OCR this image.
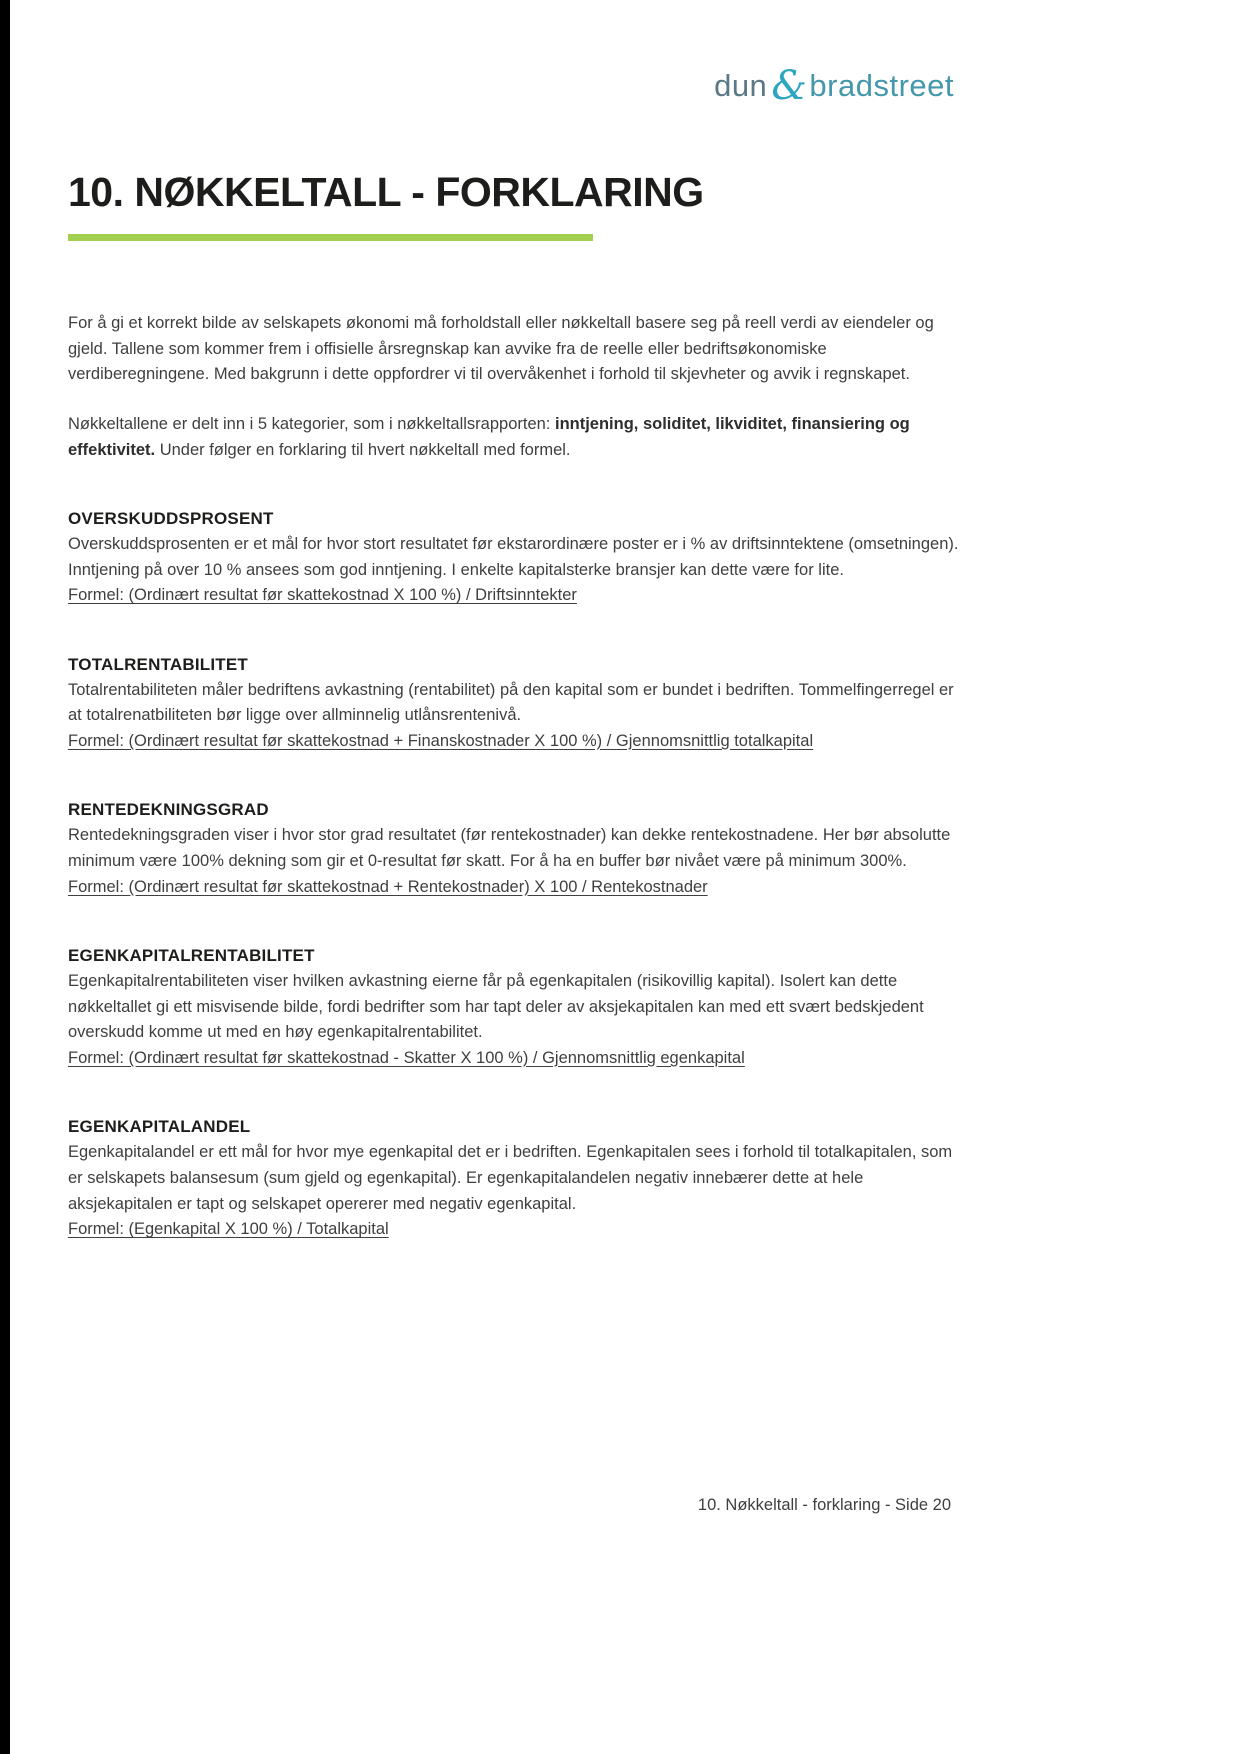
dun &bradstreet
10. NØKKELTALL - FORKLARING

For å gi et korrekt bilde av selskapets økonomi må forholdstall eller nøkkeltall basere seg på reell verdi av eiendeler og gjeld. Tallene som kommer frem i offisielle årsregnskap kan avvike fra de reelle eller bedriftsøkonomiske verdiberegningene. Med bakgrunn i dette oppfordrer vi til overvåkenhet i forhold til skjevheter og avvik i regnskapet.

Nøkkeltallene er delt inn i 5 kategorier, som i nøkkeltallsrapporten: inntjening, soliditet, likviditet, finansiering og effektivitet. Under følger en forklaring til hvert nøkkeltall med formel.

OVERSKUDDSPROSENT

Overskuddsprosenten er et mål for hvor stort resultatet før ekstarordinære poster er i % av driftsinntektene (omsetningen). Inntjening på over 10 % ansees som god inntjening. I enkelte kapitalsterke bransjer kan dette være for lite.

Formel: (Ordinært resultat før skattekostnad X 100 %) / Driftsinntekter

TOTALRENTABILITET

Totalrentabiliteten måler bedriftens avkastning (rentabilitet) på den kapital som er bundet i bedriften. Tommelfingerregel er at totalrenatbiliteten bør ligge over allminnelig utlånsrentenivå.

Formel: (Ordinært resultat før skattekostnad + Finanskostnader X 100 %) / Gjennomsnittlig totalkapital

RENTEDEKNINGSGRAD

Rentedekningsgraden viser i hvor stor grad resultatet (før rentekostnader) kan dekke rentekostnadene. Her bør absolutte minimum være 100% dekning som gir et 0-resultat før skatt. For å ha en buffer bør nivået være på minimum 300%.

Formel: (Ordinært resultat før skattekostnad + Rentekostnader) X 100 / Rentekostnader

EGENKAPITALRENTABILITET

Egenkapitalrentabiliteten viser hvilken avkastning eierne får på egenkapitalen (risikovillig kapital). Isolert kan dette nøkkeltallet gi ett misvisende bilde, fordi bedrifter som har tapt deler av aksjekapitalen kan med ett svært bedskjedent overskudd komme ut med en høy egenkapitalrentabilitet.

Formel: (Ordinært resultat før skattekostnad - Skatter X 100 %) / Gjennomsnittlig egenkapital

EGENKAPITALANDEL

Egenkapitalandel er ett mål for hvor mye egenkapital det er i bedriften. Egenkapitalen sees i forhold til totalkapitalen, som er selskapets balansesum (sum gjeld og egenkapital). Er egenkapitalandelen negativ innebærer dette at hele aksjekapitalen er tapt og selskapet opererer med negativ egenkapital.

Formel: (Egenkapital X 100 %) / Totalkapital

10. Nøkkeltall - forklaring - Side 20
